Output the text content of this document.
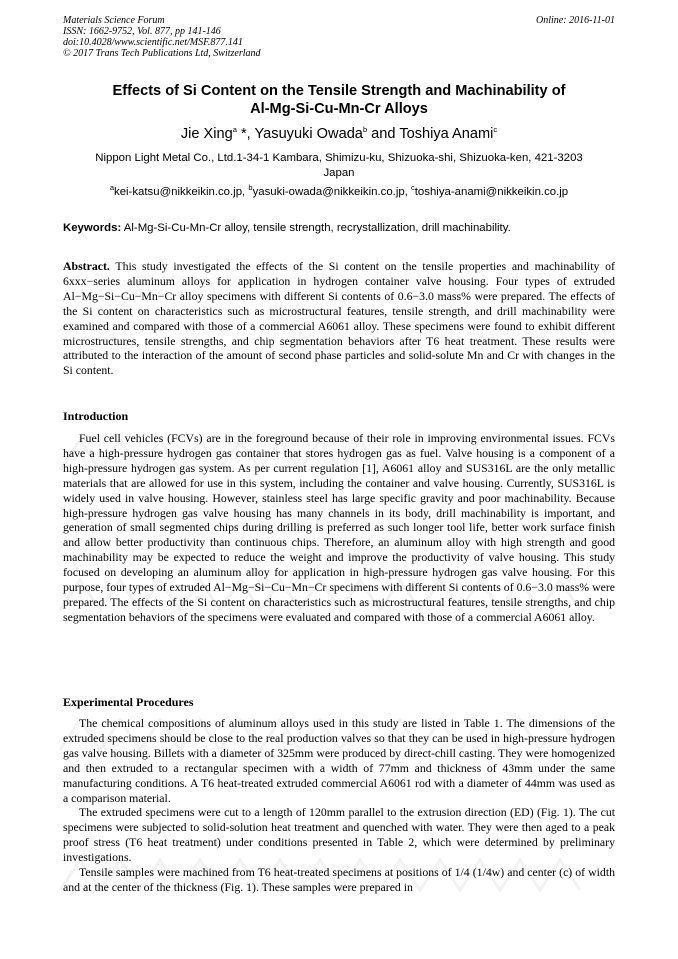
Materials Science Forum
ISSN: 1662-9752, Vol. 877, pp 141-146
doi:10.4028/www.scientific.net/MSF.877.141
© 2017 Trans Tech Publications Ltd, Switzerland
Online: 2016-11-01
Effects of Si Content on the Tensile Strength and Machinability of
Al-Mg-Si-Cu-Mn-Cr Alloys
Jie Xing$^a$ *, Yasuyuki Owada$^b$ and Toshiya Anami$^c$
Nippon Light Metal Co., Ltd.1-34-1 Kambara, Shimizu-ku, Shizuoka-shi, Shizuoka-ken, 421-3203
Japan
$^a$kei-katsu@nikkeikin.co.jp, $^b$yasuki-owada@nikkeikin.co.jp, $^c$toshiya-anami@nikkeikin.co.jp
Keywords: Al-Mg-Si-Cu-Mn-Cr alloy, tensile strength, recrystallization, drill machinability.
Abstract. This study investigated the effects of the Si content on the tensile properties and machinability of 6xxx−series aluminum alloys for application in hydrogen container valve housing. Four types of extruded Al−Mg−Si−Cu−Mn−Cr alloy specimens with different Si contents of 0.6−3.0 mass% were prepared. The effects of the Si content on characteristics such as microstructural features, tensile strength, and drill machinability were examined and compared with those of a commercial A6061 alloy. These specimens were found to exhibit different microstructures, tensile strengths, and chip segmentation behaviors after T6 heat treatment. These results were attributed to the interaction of the amount of second phase particles and solid-solute Mn and Cr with changes in the Si content.
Introduction

Fuel cell vehicles (FCVs) are in the foreground because of their role in improving environmental issues. FCVs have a high-pressure hydrogen gas container that stores hydrogen gas as fuel. Valve housing is a component of a high-pressure hydrogen gas system. As per current regulation [1], A6061 alloy and SUS316L are the only metallic materials that are allowed for use in this system, including the container and valve housing. Currently, SUS316L is widely used in valve housing. However, stainless steel has large specific gravity and poor machinability. Because high-pressure hydrogen gas valve housing has many channels in its body, drill machinability is important, and generation of small segmented chips during drilling is preferred as such longer tool life, better work surface finish and allow better productivity than continuous chips. Therefore, an aluminum alloy with high strength and good machinability may be expected to reduce the weight and improve the productivity of valve housing. This study focused on developing an aluminum alloy for application in high-pressure hydrogen gas valve housing. For this purpose, four types of extruded Al−Mg−Si−Cu−Mn−Cr specimens with different Si contents of 0.6−3.0 mass% were prepared. The effects of the Si content on characteristics such as microstructural features, tensile strengths, and chip segmentation behaviors of the specimens were evaluated and compared with those of a commercial A6061 alloy.

Experimental Procedures

The chemical compositions of aluminum alloys used in this study are listed in Table 1. The dimensions of the extruded specimens should be close to the real production valves so that they can be used in high-pressure hydrogen gas valve housing. Billets with a diameter of 325mm were produced by direct-chill casting. They were homogenized and then extruded to a rectangular specimen with a width of 77mm and thickness of 43mm under the same manufacturing conditions. A T6 heat-treated extruded commercial A6061 rod with a diameter of 44mm was used as a comparison material.

The extruded specimens were cut to a length of 120mm parallel to the extrusion direction (ED) (Fig. 1). The cut specimens were subjected to solid-solution heat treatment and quenched with water. They were then aged to a peak proof stress (T6 heat treatment) under conditions presented in Table 2, which were determined by preliminary investigations.

Tensile samples were machined from T6 heat-treated specimens at positions of 1/4 (1/4w) and center (c) of width and at the center of the thickness (Fig. 1). These samples were prepared in
